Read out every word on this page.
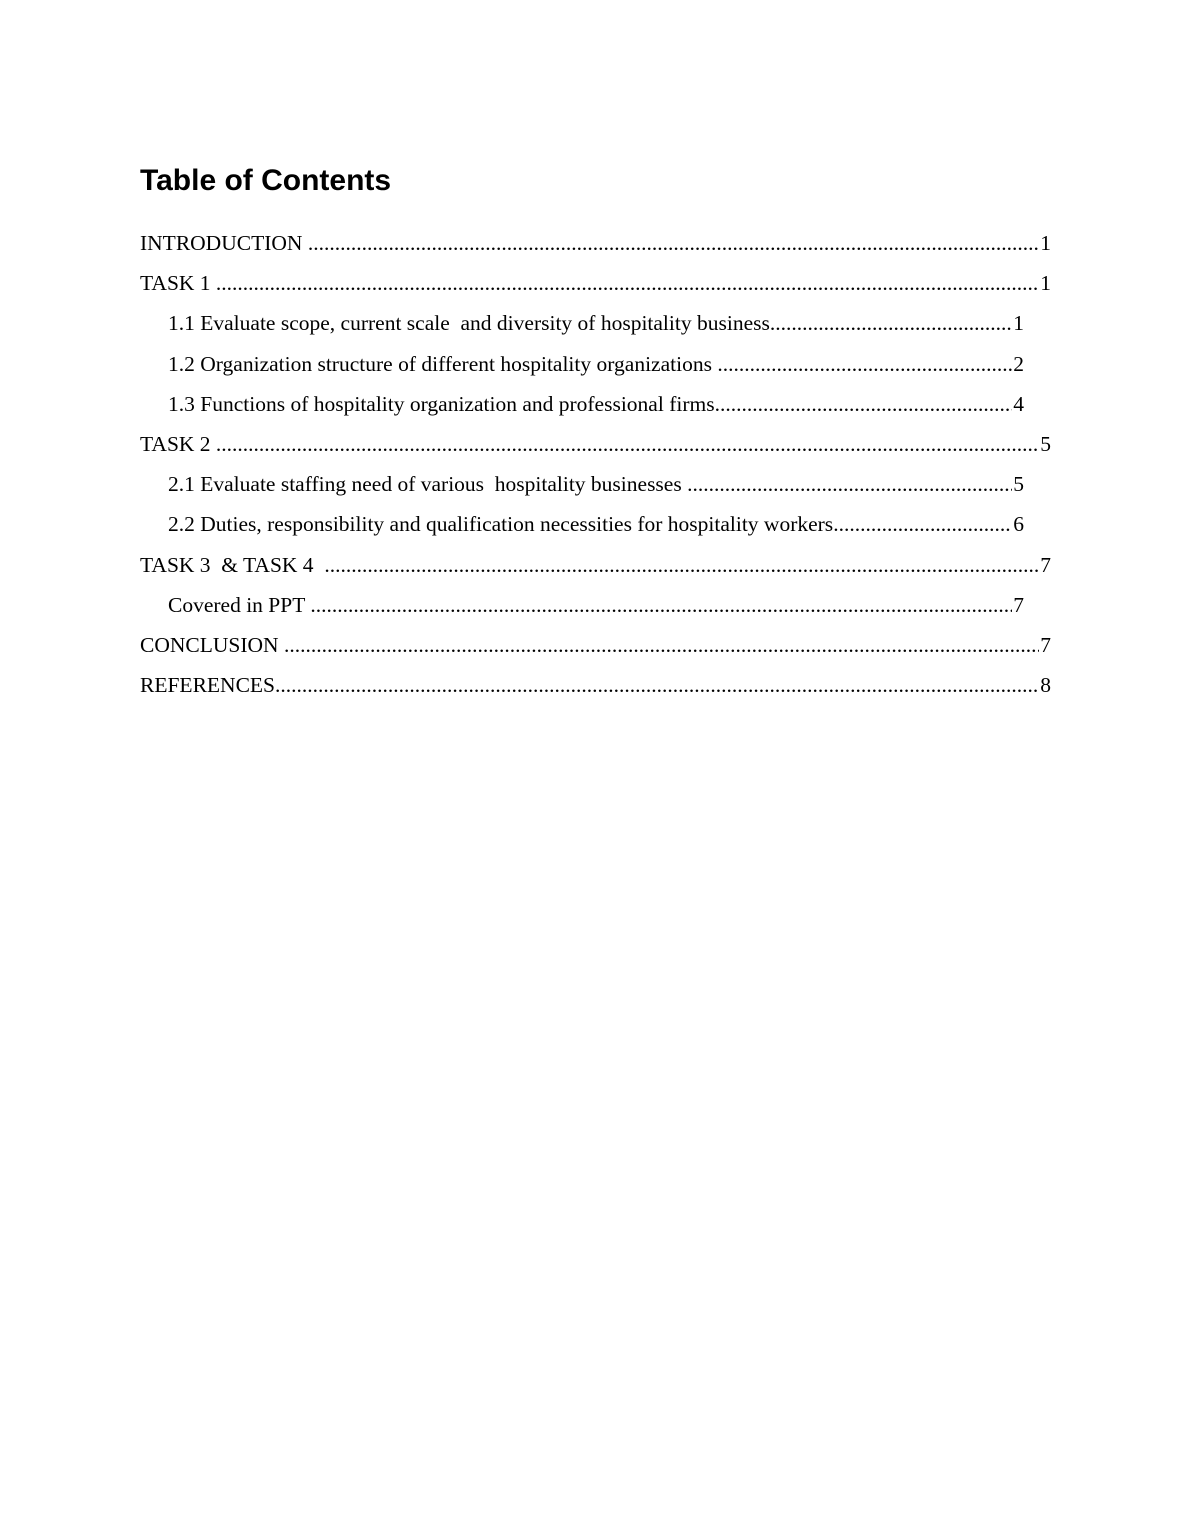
Table of Contents
INTRODUCTION .....	1
TASK 1 .....	1
1.1 Evaluate scope, current scale  and diversity of hospitality business .....	1
1.2 Organization structure of different hospitality organizations .....	2
1.3 Functions of hospitality organization and professional firms .....	4
TASK 2 .....	5
2.1 Evaluate staffing need of various  hospitality businesses .....	5
2.2 Duties, responsibility and qualification necessities for hospitality workers .....	6
TASK 3  & TASK 4 .....	7
Covered in PPT .....	7
CONCLUSION .....	7
REFERENCES .....	8
